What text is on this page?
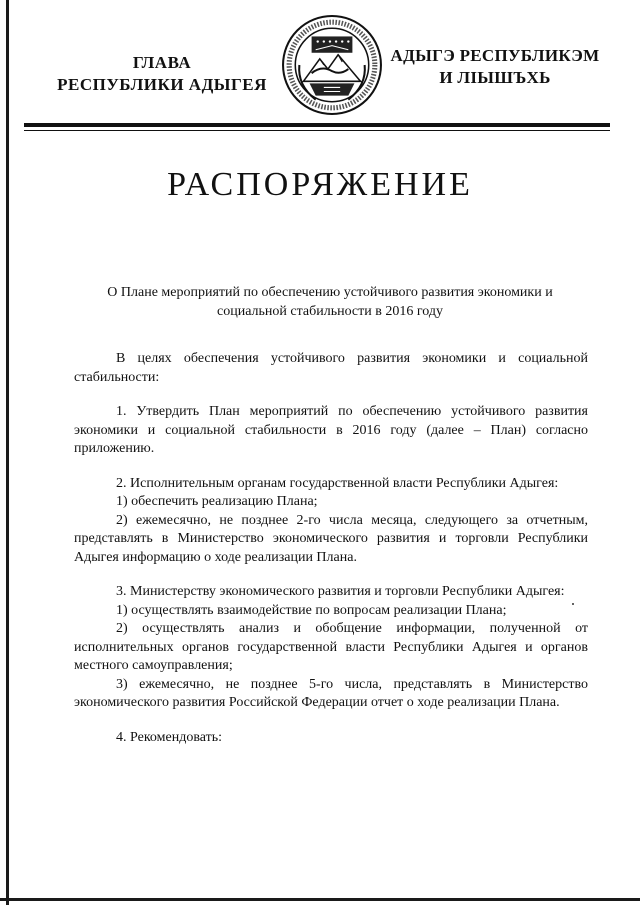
ГЛАВА
РЕСПУБЛИКИ АДЫГЕЯ
АДЫГЭ РЕСПУБЛИКЭМ
И ЛІЫШЪХЬ
РАСПОРЯЖЕНИЕ
О Плане мероприятий по обеспечению устойчивого развития экономики и
социальной стабильности в 2016 году

В целях обеспечения устойчивого развития экономики и социальной стабильности:

1. Утвердить План мероприятий по обеспечению устойчивого развития экономики и социальной стабильности в 2016 году (далее – План) согласно приложению.

2. Исполнительным органам государственной власти Республики Адыгея:

1) обеспечить реализацию Плана;

2) ежемесячно, не позднее 2-го числа месяца, следующего за отчетным, представлять в Министерство экономического развития и торговли Республики Адыгея информацию о ходе реализации Плана.

3. Министерству экономического развития и торговли Республики Адыгея:

1) осуществлять взаимодействие по вопросам реализации Плана;

2) осуществлять анализ и обобщение информации, полученной от исполнительных органов государственной власти Республики Адыгея и органов местного самоуправления;

3) ежемесячно, не позднее 5-го числа, представлять в Министерство экономического развития Российской Федерации отчет о ходе реализации Плана.

4. Рекомендовать:
